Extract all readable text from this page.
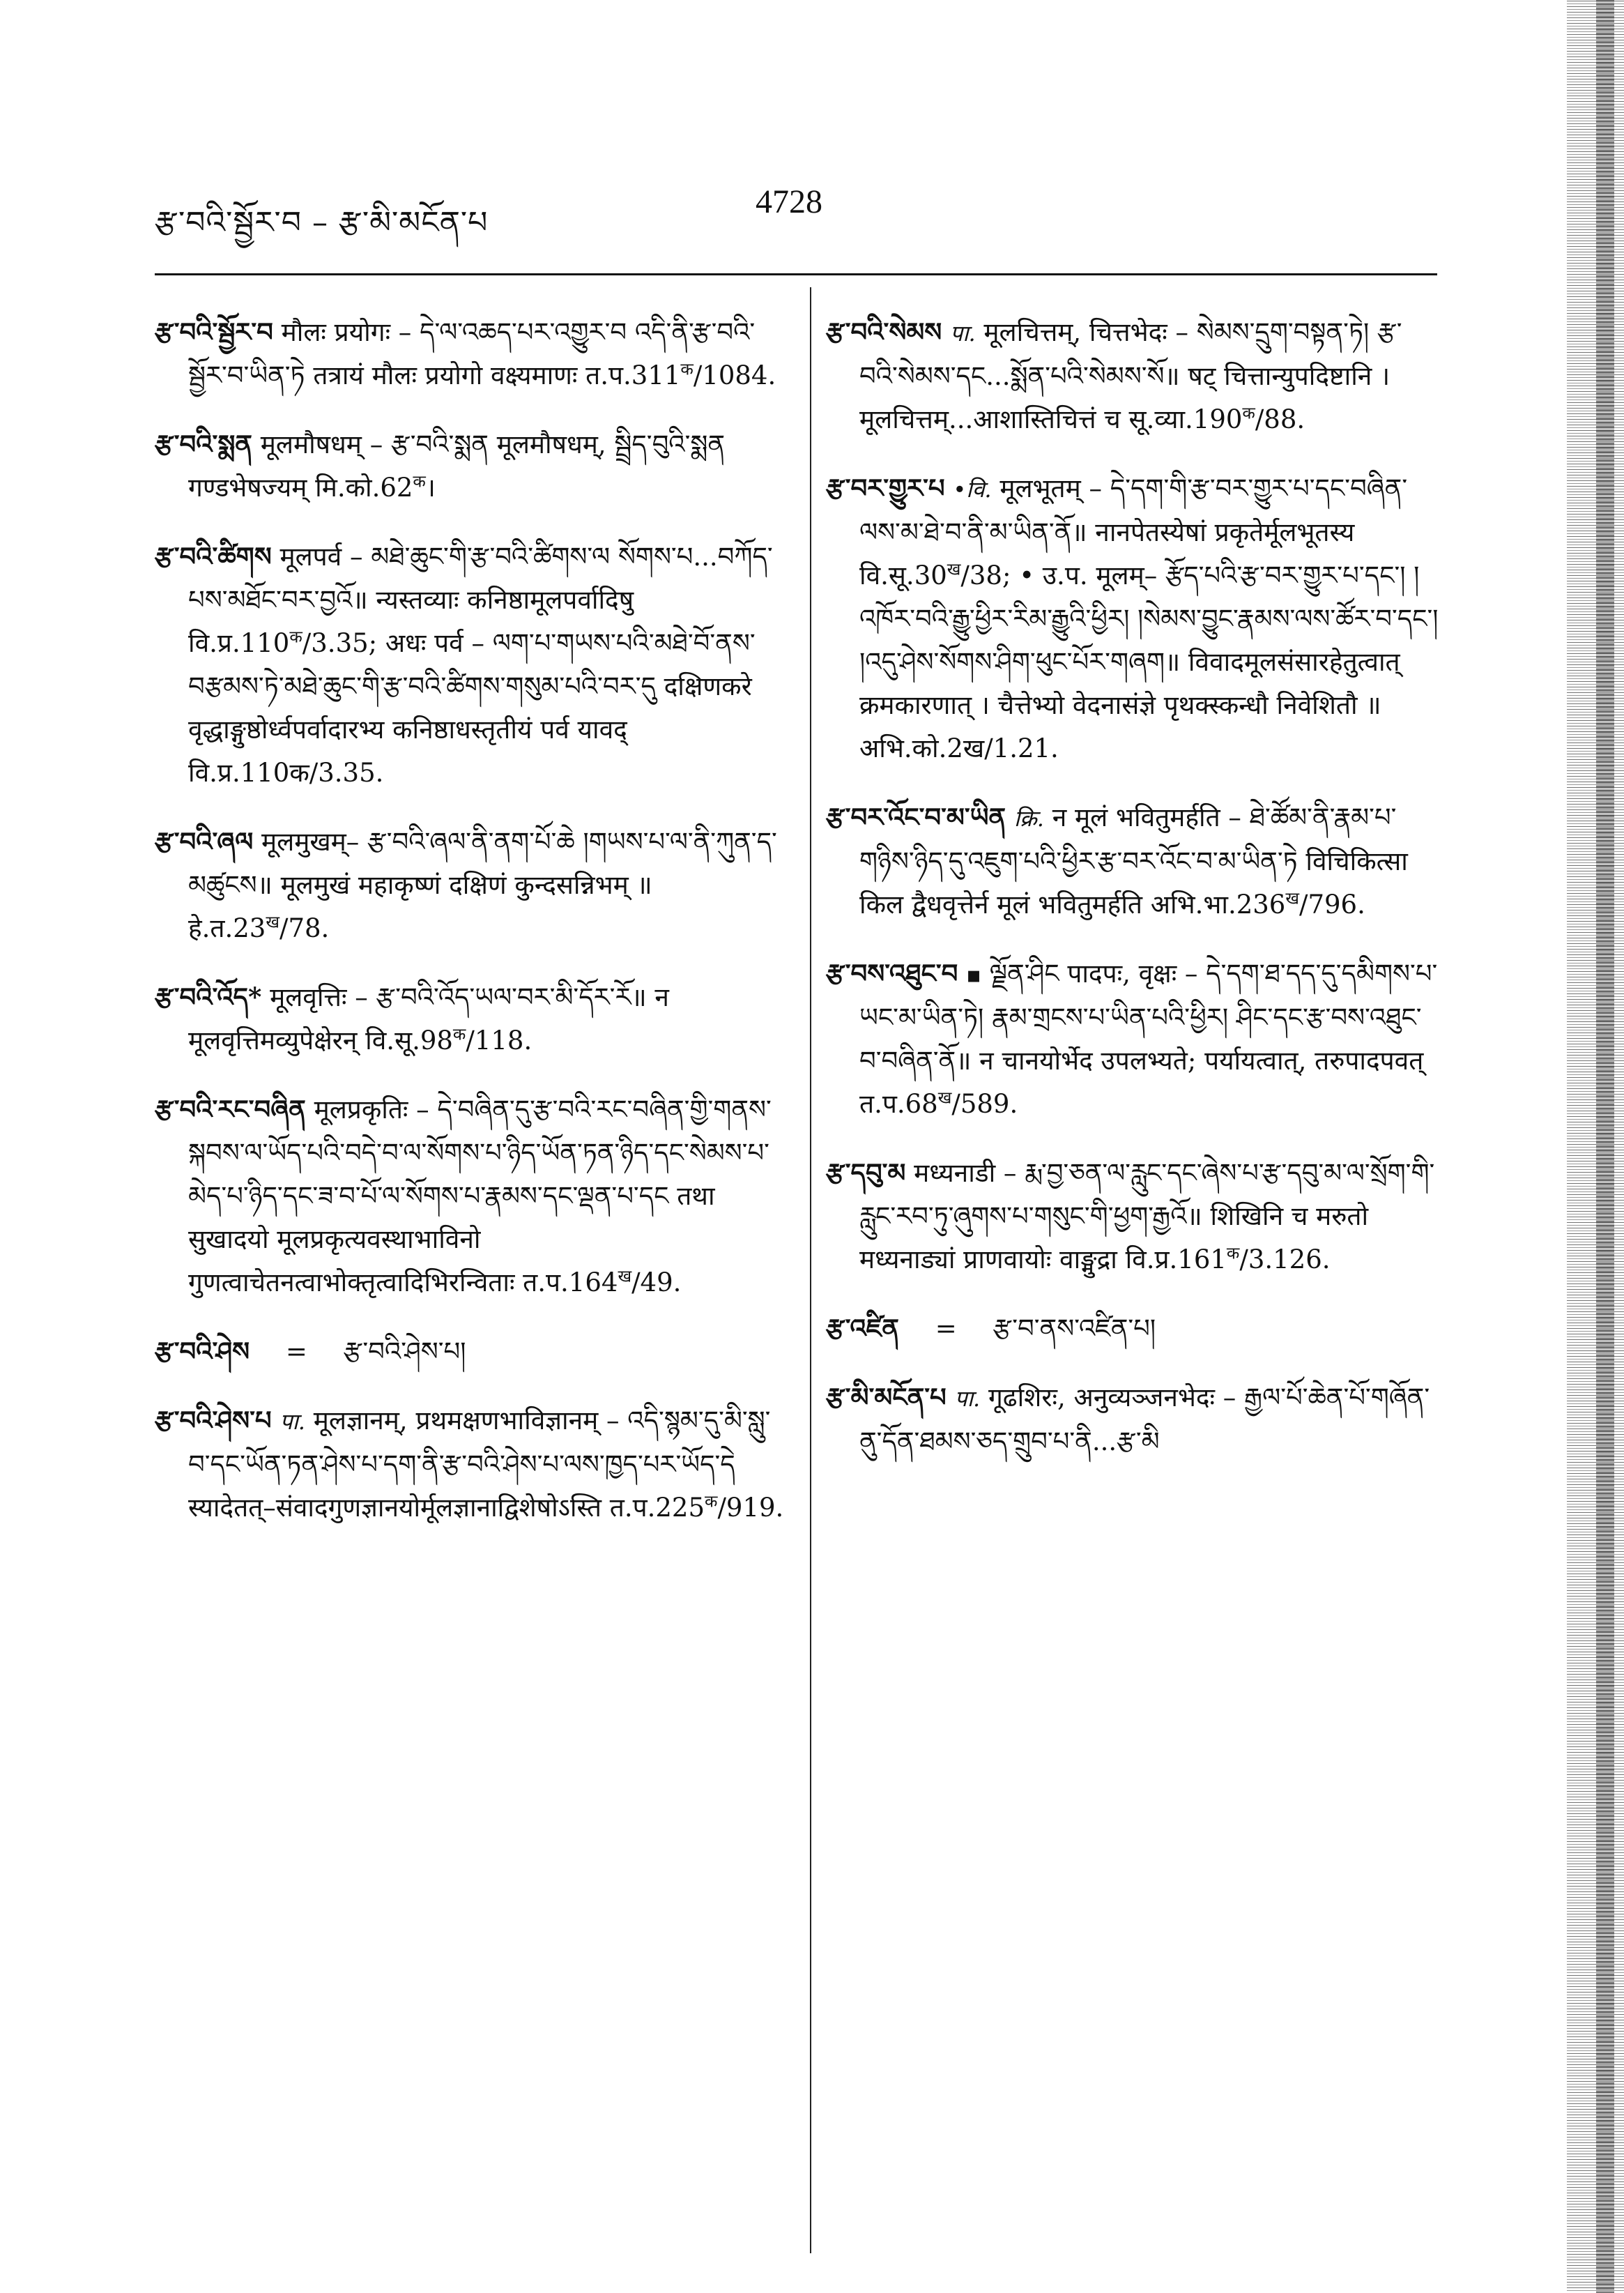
རྩ་བའི་སྦྱོར་བ – རྩ་མི་མངོན་པ
4728
རྩ་བའི་སྦྱོར་བ मौलः प्रयोगः – དེ་ལ་འཆད་པར་འགྱུར་བ འདི་ནི་རྩ་བའི་སྦྱོར་བ་ཡིན་ཏེ तत्रायं मौलः प्रयोगो वक्ष्यमाणः $त.प.311^क/1084$.
རྩ་བའི་སྨན मूलमौषधम् – རྩ་བའི་སྨན मूलमौषधम्, སྦྲིད་བུའི་སྨན गण्डभेषज्यम् $मि.को.62^क।$
རྩ་བའི་ཚིགས मूलपर्व – མཐེ་ཆུང་གི་རྩ་བའི་ཚིགས་ལ སོགས་པ...བཀོད་པས་མཐོང་བར་བྱའོ॥ न्यस्तव्याः कनिष्ठामूलपर्वादिषु $वि.प्र.110^क/3.35$; अधः पर्व – ལག་པ་གཡས་པའི་མཐེ་བོ་ནས་བརྩམས་ཏེ་མཐེ་ཆུང་གི་རྩ་བའི་ཚིགས་གསུམ་པའི་བར་དུ दक्षिणकरे वृद्धाङ्गुष्ठोर्ध्वपर्वादारभ्य कनिष्ठाधस्तृतीयं पर्व यावद् वि.प्र.110क/3.35.
རྩ་བའི་ཞལ मूलमुखम्– རྩ་བའི་ཞལ་ནི་ནག་པོ་ཆེ །གཡས་པ་ལ་ནི་ཀུན་ད་མཚུངས॥ मूलमुखं महाकृष्णं दक्षिणं कुन्दसन्निभम् ॥ $हे.त.23^ख/78$.
རྩ་བའི་འོད* मूलवृत्तिः – རྩ་བའི་འོད་ཡལ་བར་མི་དོར་རོ॥ न मूलवृत्तिमव्युपेक्षेरन् $वि.सू.98^क/118$.
རྩ་བའི་རང་བཞིན मूलप्रकृतिः – དེ་བཞིན་དུ་རྩ་བའི་རང་བཞིན་གྱི་གནས་སྐབས་ལ་ཡོད་པའི་བདེ་བ་ལ་སོགས་པ་ཉིད་ཡོན་ཏན་ཉིད་དང་སེམས་པ་མེད་པ་ཉིད་དང་ཟ་བ་པོ་ལ་སོགས་པ་རྣམས་དང་ལྡན་པ་དང तथा सुखादयो मूलप्रकृत्यवस्थाभाविनो गुणत्वाचेतनत्वाभोक्तृत्वादिभिरन्विताः $त.प.164^ख/49$.
རྩ་བའི་ཤེས = རྩ་བའི་ཤེས་པ།
རྩ་བའི་ཤེས་པ पा. मूलज्ञानम्, प्रथमक्षणभाविज्ञानम् – འདི་སྙམ་དུ་མི་སླུ་བ་དང་ཡོན་ཏན་ཤེས་པ་དག་ནི་རྩ་བའི་ཤེས་པ་ལས་ཁྱད་པར་ཡོད་དེ स्यादेतत्–संवादगुणज्ञानयोर्मूलज्ञानाद्विशेषोऽस्ति $त.प.225^क/919$.
རྩ་བའི་སེམས पा. मूलचित्तम्, चित्तभेदः – སེམས་དྲུག་བསྟན་ཏེ། རྩ་བའི་སེམས་དང...སྨོན་པའི་སེམས་སོ॥ षट् चित्तान्युपदिष्टानि । मूलचित्तम्...आशास्तिचित्तं च $सू.व्या.190^क/88$.
རྩ་བར་གྱུར་པ •वि. मूलभूतम् – དེ་དག་གི་རྩ་བར་གྱུར་པ་དང་བཞིན་ལས་མ་ཐེ་བ་ནི་མ་ཡིན་ནོ॥ नानपेतस्येषां प्रकृतेर्मूलभूतस्य $वि.सू.30^ख/38$; • उ.प. मूलम्– རྩོད་པའི་རྩ་བར་གྱུར་པ་དང་། །འཁོར་བའི་རྒྱུ་ཕྱིར་རིམ་རྒྱུའི་ཕྱིར། །སེམས་བྱུང་རྣམས་ལས་ཚོར་བ་དང་། །འདུ་ཤེས་སོགས་ཤིག་ཕུང་པོར་གཞག॥ विवादमूलसंसारहेतुत्वात् क्रमकारणात् । चैत्तेभ्यो वेदनासंज्ञे पृथक्स्कन्धौ निवेशितौ ॥ अभि.को.2ख/1.21.
རྩ་བར་འོང་བ་མ་ཡིན क्रि. न मूलं भवितुमर्हति – ཐེ་ཚོམ་ནི་རྣམ་པ་གཉིས་ཉིད་དུ་འཇུག་པའི་ཕྱིར་རྩ་བར་འོང་བ་མ་ཡིན་ཏེ विचिकित्सा किल द्वैधवृत्तेर्न मूलं भवितुमर्हति $अभि.भा.236^ख/796$.
རྩ་བས་འཐུང་བ ▪ ལྗོན་ཤིང पादपः, वृक्षः – དེ་དག་ཐ་དད་དུ་དམིགས་པ་ཡང་མ་ཡིན་ཏེ། རྣམ་གྲངས་པ་ཡིན་པའི་ཕྱིར། ཤིང་དང་རྩ་བས་འཐུང་བ་བཞིན་ནོ॥ न चानयोर्भेद उपलभ्यते; पर्यायत्वात्, तरुपादपवत् $त.प.68^ख/589$.
རྩ་དབུ་མ मध्यनाडी – རྨ་བྱ་ཅན་ལ་རླུང་དང་ཞེས་པ་རྩ་དབུ་མ་ལ་སྲོག་གི་རླུང་རབ་ཏུ་ཞུགས་པ་གསུང་གི་ཕྱག་རྒྱའོ॥ शिखिनि च मरुतो मध्यनाड्यां प्राणवायोः वाङ्मुद्रा $वि.प्र.161^क/3.126$.
རྩ་འཛིན = རྩ་བ་ནས་འཛིན་པ།
རྩ་མི་མངོན་པ पा. गूढशिरः, अनुव्यञ्जनभेदः – རྒྱལ་པོ་ཆེན་པོ་གཞོན་ནུ་དོན་ཐམས་ཅད་གྲུབ་པ་ནི...རྩ་མི
